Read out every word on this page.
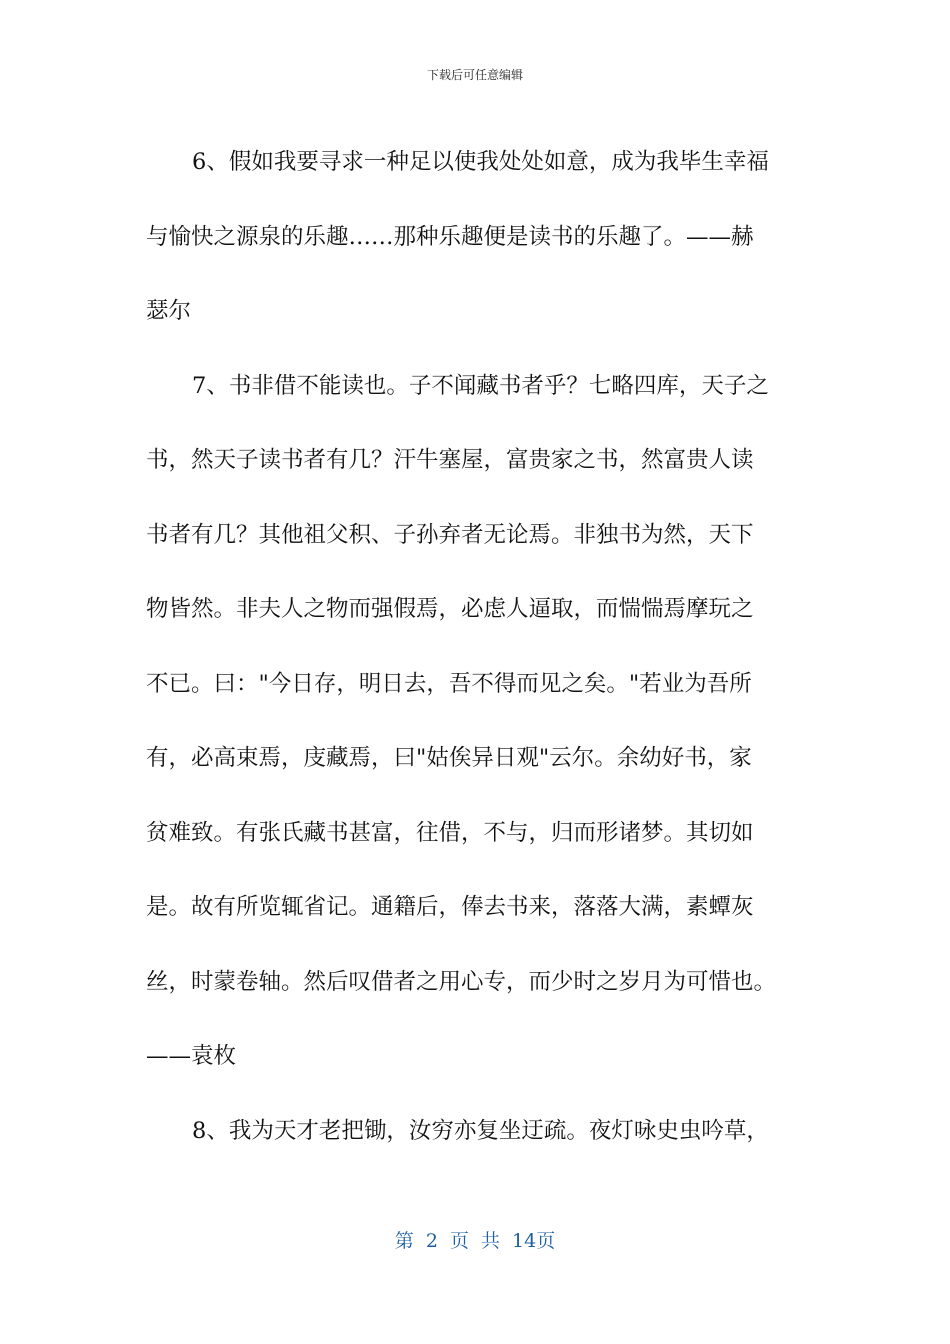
下载后可任意编辑
6、假如我要寻求一种足以使我处处如意，成为我毕生幸福
与愉快之源泉的乐趣……那种乐趣便是读书的乐趣了。——赫
瑟尔
7、书非借不能读也。子不闻藏书者乎？七略四库，天子之
书，然天子读书者有几？汗牛塞屋，富贵家之书，然富贵人读
书者有几？其他祖父积、子孙弃者无论焉。非独书为然，天下
物皆然。非夫人之物而强假焉，必虑人逼取，而惴惴焉摩玩之
不已。曰："今日存，明日去，吾不得而见之矣。"若业为吾所
有，必高束焉，庋藏焉，曰"姑俟异日观"云尔。余幼好书，家
贫难致。有张氏藏书甚富，往借，不与，归而形诸梦。其切如
是。故有所览辄省记。通籍后，俸去书来，落落大满，素蟫灰
丝，时蒙卷轴。然后叹借者之用心专，而少时之岁月为可惜也。
——袁枚
8、我为天才老把锄，汝穷亦复坐迂疏。夜灯咏史虫吟草，
第 2 页 共 14页
